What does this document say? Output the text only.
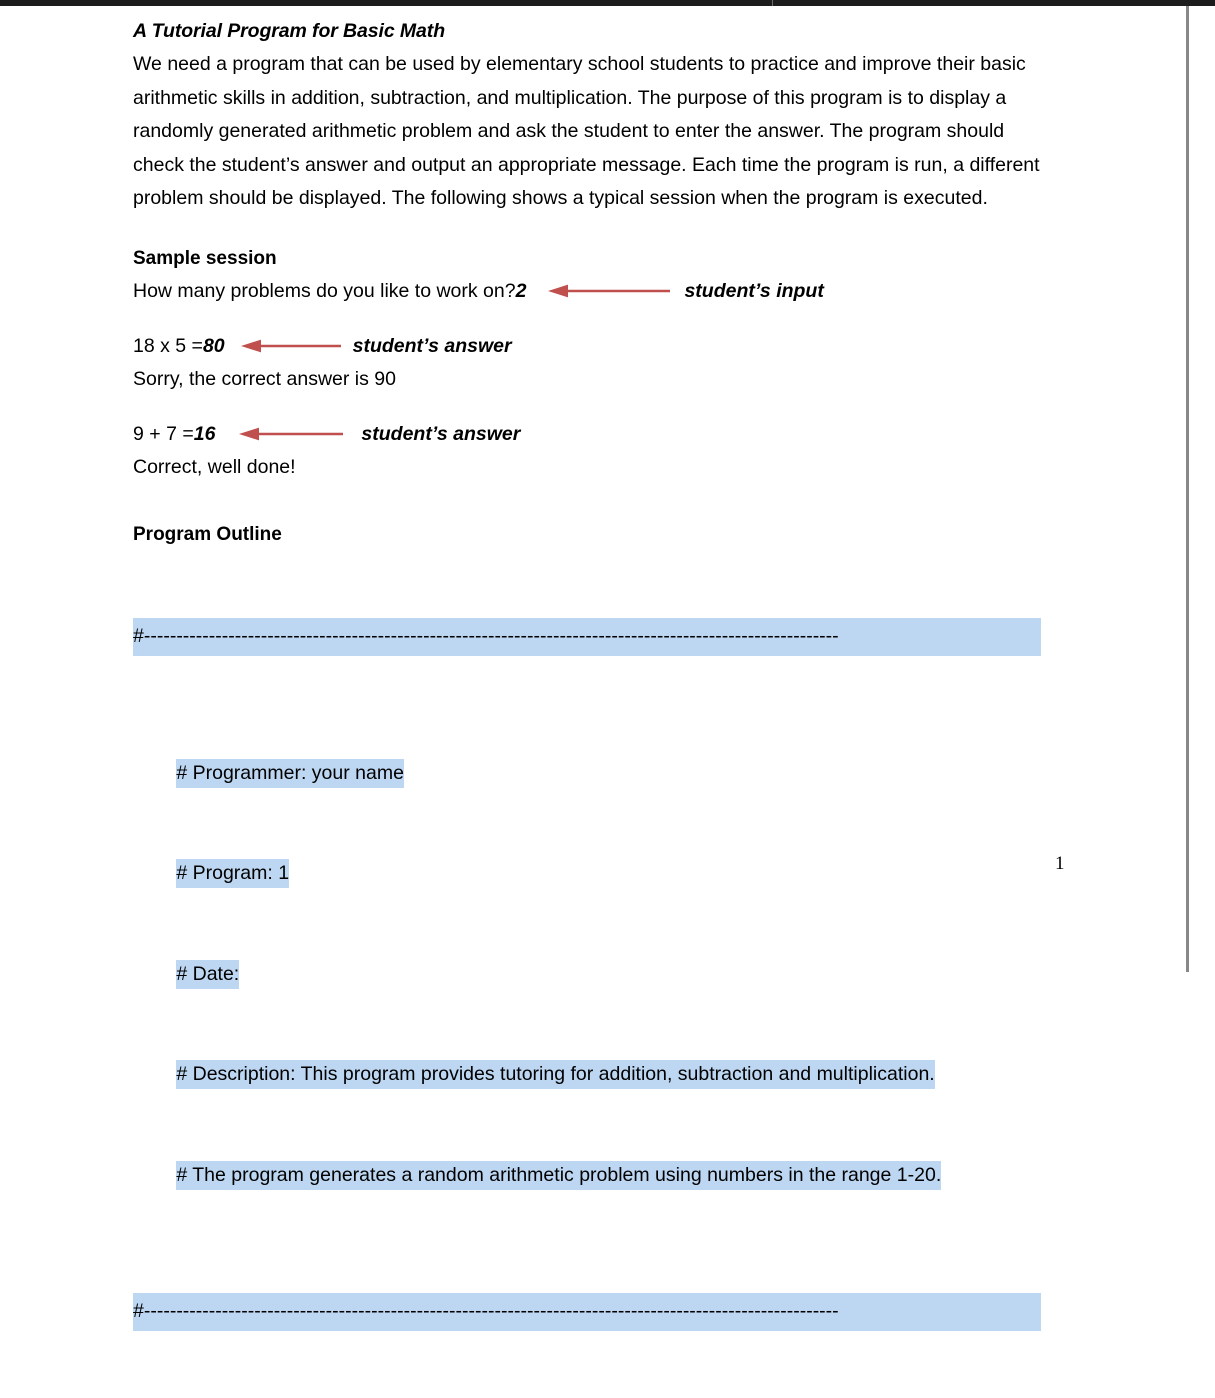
A Tutorial Program for Basic Math

We need a program that can be used by elementary school students to practice and improve their basic arithmetic skills in addition, subtraction, and multiplication. The purpose of this program is to display a randomly generated arithmetic problem and ask the student to enter the answer. The program should check the student’s answer and output an appropriate message. Each time the program is run, a different problem should be displayed. The following shows a typical session when the program is executed.

Sample session

How many problems do you like to work on? 2	student’s input
18 x 5 = 80	student’s answer
Sorry, the correct answer is 90
9 + 7 = 16	student’s answer
Correct, well done!

Program Outline

#-----------------------------------------------------------------------------------------------------------

# Programmer: your name

# Program: 1

# Date:

# Description: This program provides tutoring for addition, subtraction and multiplication.

# The program generates a random arithmetic problem using numbers in the range 1-20.

#-----------------------------------------------------------------------------------------------------------

1
